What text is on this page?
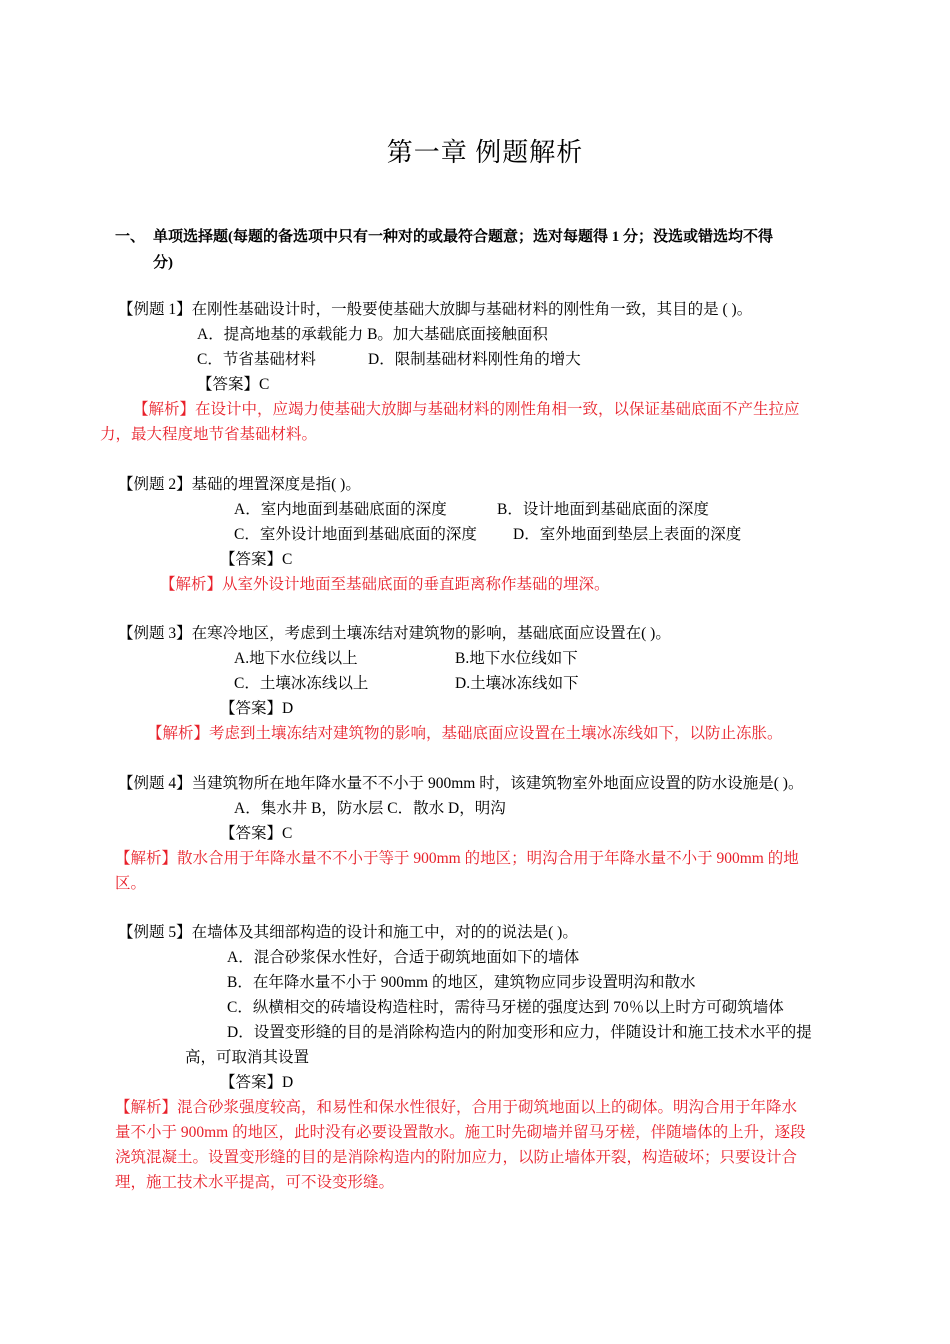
第一章 例题解析
一、 单项选择题(每题的备选项中只有一种对的或最符合题意；选对每题得 1 分；没选或错选均不得
分)
【例题 1】在刚性基础设计时，一般要使基础大放脚与基础材料的刚性角一致，其目的是 ( )。
A．提高地基的承载能力 B。加大基础底面接触面积
C．节省基础材料	D．限制基础材料刚性角的增大
【答案】C
【解析】在设计中，应竭力使基础大放脚与基础材料的刚性角相一致，以保证基础底面不产生拉应
力，最大程度地节省基础材料。
【例题 2】基础的埋置深度是指( )。
A．室内地面到基础底面的深度	B．设计地面到基础底面的深度
C．室外设计地面到基础底面的深度 D．室外地面到垫层上表面的深度
【答案】C
【解析】从室外设计地面至基础底面的垂直距离称作基础的埋深。
【例题 3】在寒冷地区，考虑到土壤冻结对建筑物的影响，基础底面应设置在( )。
A.地下水位线以上	B.地下水位线如下
C．土壤冰冻线以上	D.土壤冰冻线如下
【答案】D
【解析】考虑到土壤冻结对建筑物的影响，基础底面应设置在土壤冰冻线如下，以防止冻胀。
【例题 4】当建筑物所在地年降水量不不小于 900mm 时，该建筑物室外地面应设置的防水设施是( )。
A．集水井 B，防水层 C．散水 D，明沟
【答案】C
【解析】散水合用于年降水量不不小于等于 900mm 的地区；明沟合用于年降水量不小于 900mm 的地
区。
【例题 5】在墙体及其细部构造的设计和施工中，对的的说法是( )。
A．混合砂浆保水性好，合适于砌筑地面如下的墙体
B．在年降水量不小于 900mm 的地区，建筑物应同步设置明沟和散水
C．纵横相交的砖墙设构造柱时，需待马牙槎的强度达到 70％以上时方可砌筑墙体
D．设置变形缝的目的是消除构造内的附加变形和应力，伴随设计和施工技术水平的提
高，可取消其设置
【答案】D
【解析】混合砂浆强度较高，和易性和保水性很好，合用于砌筑地面以上的砌体。明沟合用于年降水
量不小于 900mm 的地区，此时没有必要设置散水。施工时先砌墙并留马牙槎，伴随墙体的上升，逐段
浇筑混凝土。设置变形缝的目的是消除构造内的附加应力，以防止墙体开裂，构造破坏；只要设计合
理，施工技术水平提高，可不设变形缝。
